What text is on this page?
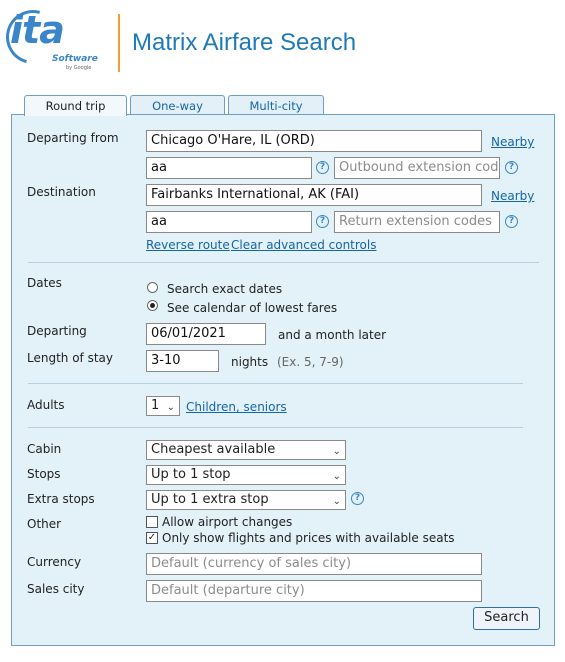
ita
Software
by Google
Matrix Airfare Search
Round trip	One-way	Multi-city
Departing from	Chicago O'Hare, IL (ORD)	Nearby
aa	?	Outbound extension cod	?
Destination	Fairbanks International, AK (FAI)	Nearby
aa	?	Return extension codes	?
Reverse route Clear advanced controls
Dates	Search exact dates
See calendar of lowest fares
Departing	06/01/2021	and a month later
Length of stay	3-10	nights (Ex. 5, 7-9)
Adults	1 ⌄ Children, seniors
Cabin	Cheapest available	⌄
Stops	Up to 1 stop	⌄
Extra stops	Up to 1 extra stop	⌄	?
Other	Allow airport changes
✓ Only show flights and prices with available seats
Currency	Default (currency of sales city)
Sales city	Default (departure city)
Search
